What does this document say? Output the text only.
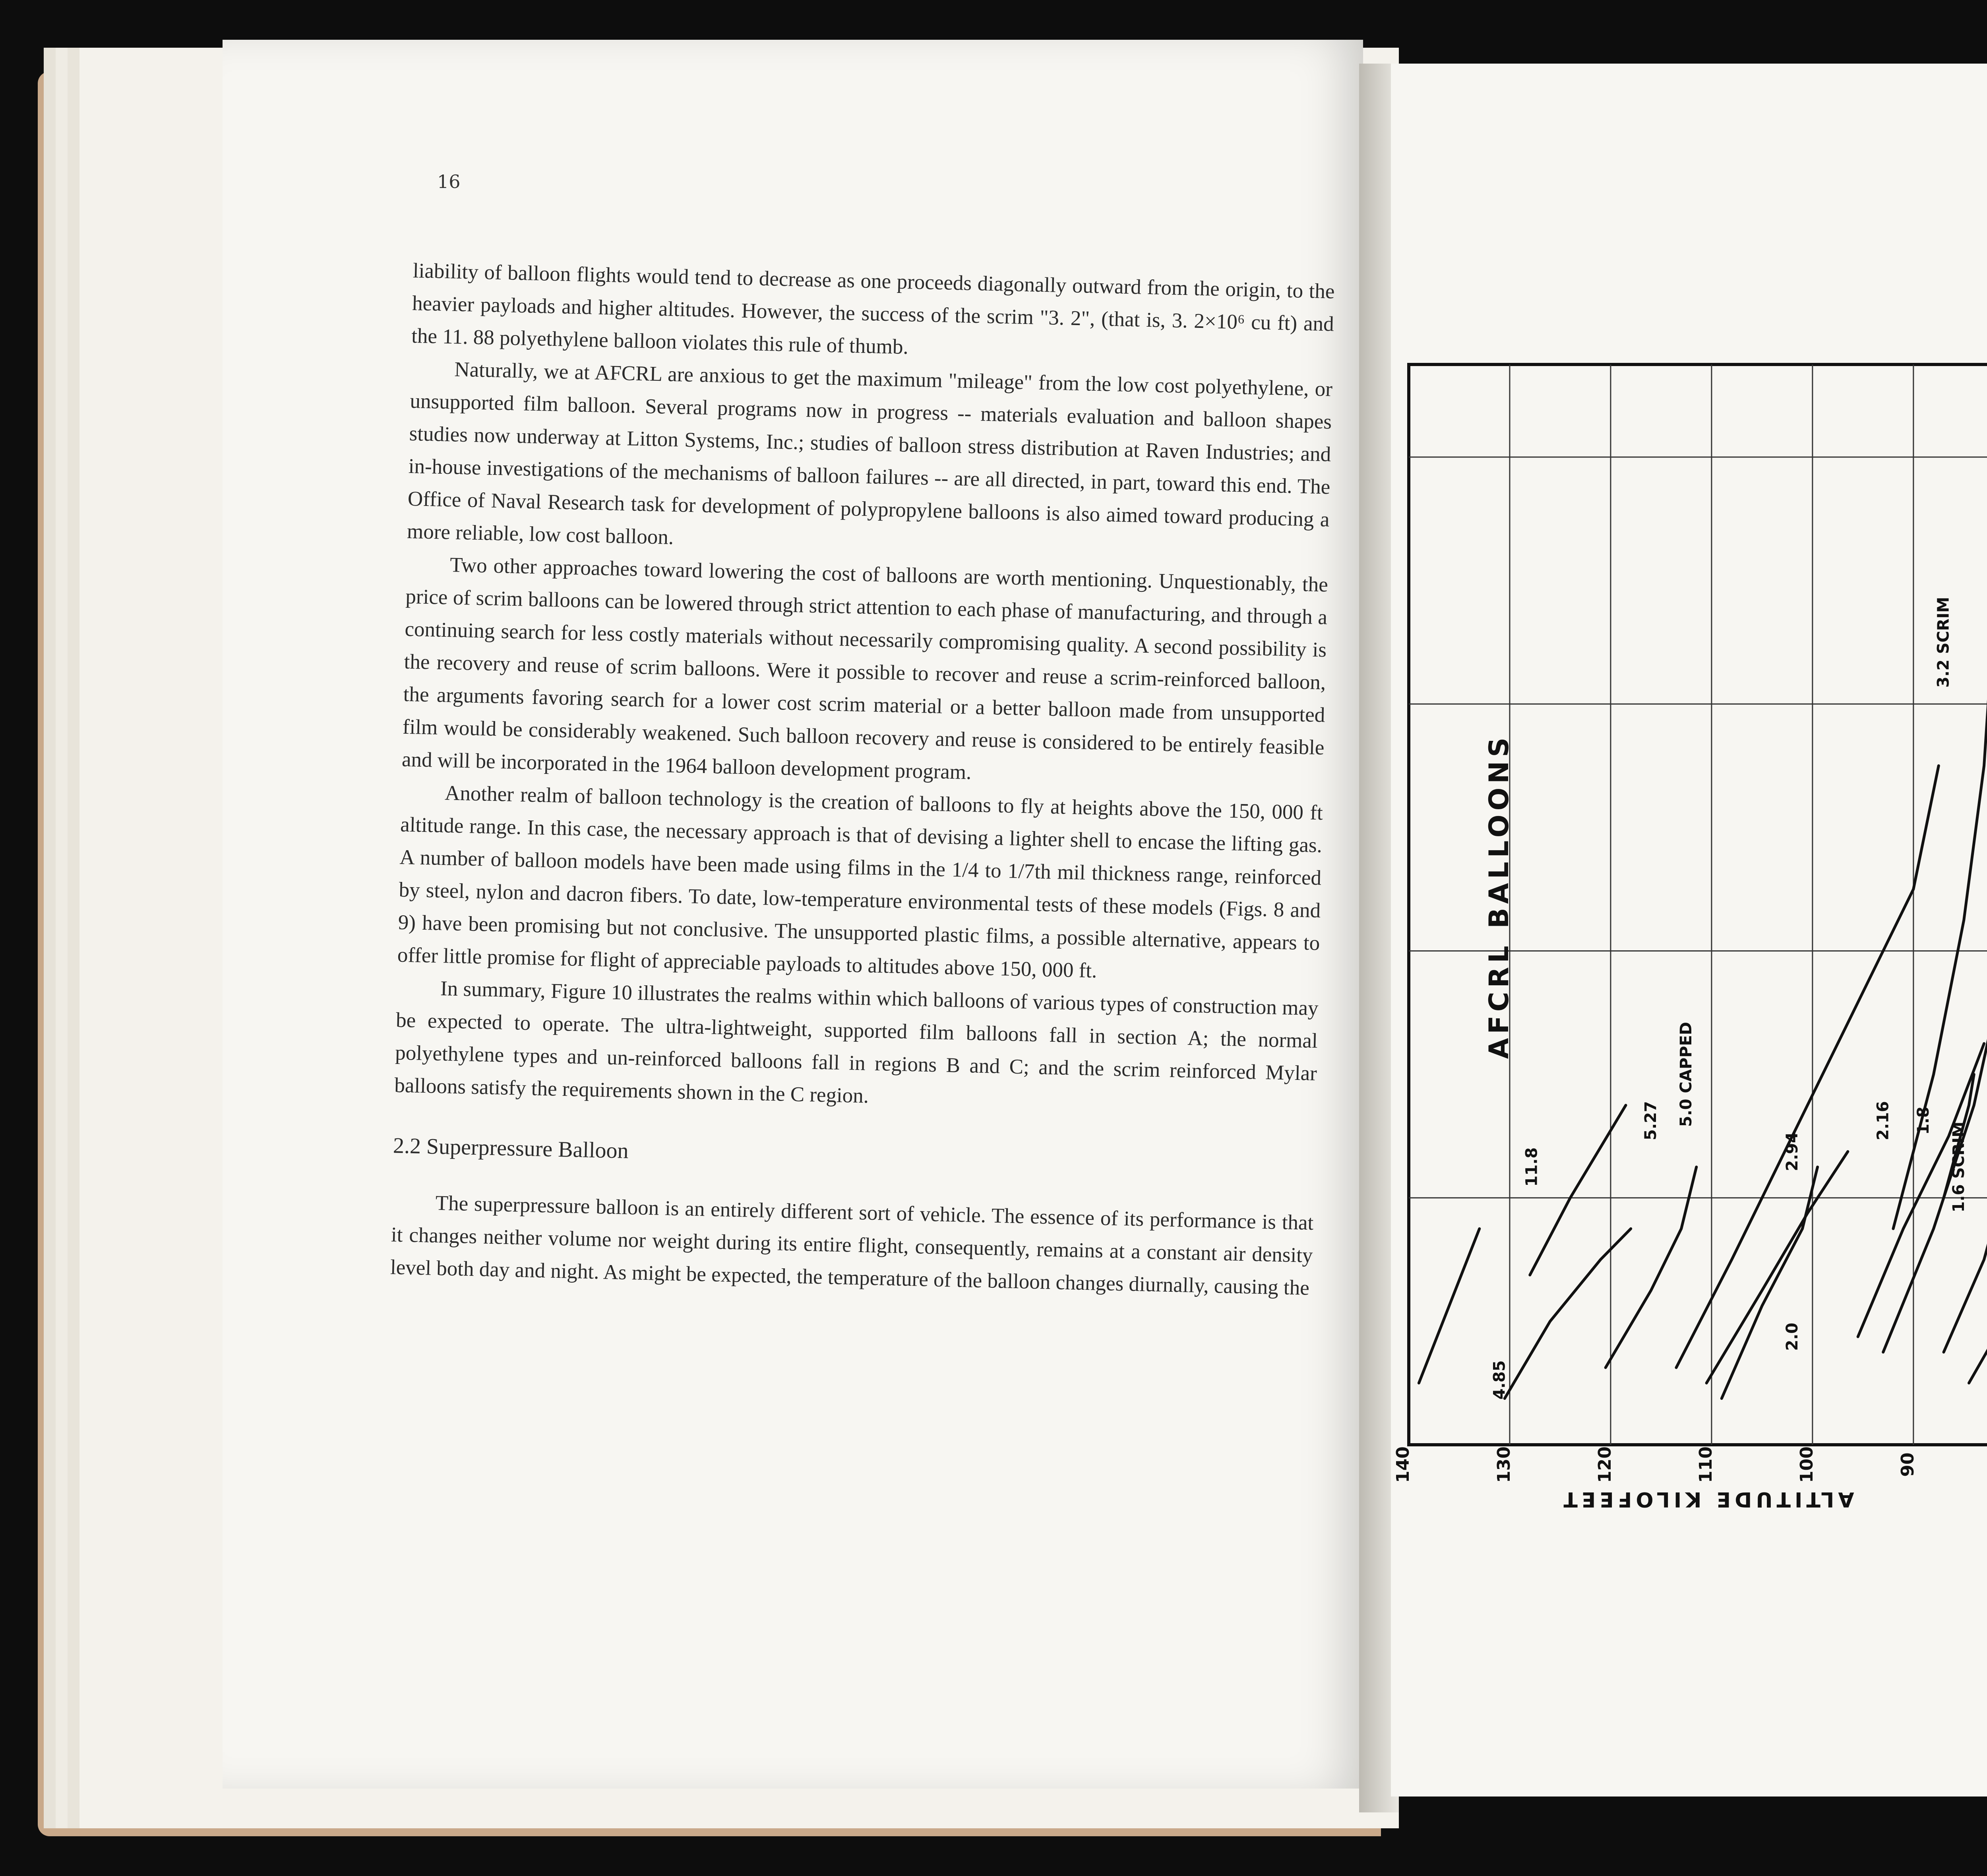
16

liability of balloon flights would tend to decrease as one proceeds diagonally outward from the origin, to the heavier payloads and higher altitudes. However, the success of the scrim "3. 2", (that is, 3. 2×10⁶ cu ft) and the 11. 88 polyethylene balloon violates this rule of thumb.

Naturally, we at AFCRL are anxious to get the maximum "mileage" from the low cost polyethylene, or unsupported film balloon. Several programs now in progress -- materials evaluation and balloon shapes studies now underway at Litton Systems, Inc.; studies of balloon stress distribution at Raven Industries; and in-house investigations of the mechanisms of balloon failures -- are all directed, in part, toward this end. The Office of Naval Research task for development of polypropylene balloons is also aimed toward producing a more reliable, low cost balloon.

Two other approaches toward lowering the cost of balloons are worth mentioning. Unquestionably, the price of scrim balloons can be lowered through strict attention to each phase of manufacturing, and through a continuing search for less costly materials without necessarily compromising quality. A second possibility is the recovery and reuse of scrim balloons. Were it possible to recover and reuse a scrim-reinforced balloon, the arguments favoring search for a lower cost scrim material or a better balloon made from unsupported film would be considerably weakened. Such balloon recovery and reuse is considered to be entirely feasible and will be incorporated in the 1964 balloon development program.

Another realm of balloon technology is the creation of balloons to fly at heights above the 150, 000 ft altitude range. In this case, the necessary approach is that of devising a lighter shell to encase the lifting gas. A number of balloon models have been made using films in the 1/4 to 1/7th mil thickness range, reinforced by steel, nylon and dacron fibers. To date, low-temperature environmental tests of these models (Figs. 8 and 9) have been promising but not conclusive. The unsupported plastic films, a possible alternative, appears to offer little promise for flight of appreciable payloads to altitudes above 150, 000 ft.

In summary, Figure 10 illustrates the realms within which balloons of various types of construction may be expected to operate. The ultra-lightweight, supported film balloons fall in section A; the normal polyethylene types and un-reinforced balloons fall in regions B and C; and the scrim reinforced Mylar balloons satisfy the requirements shown in the C region.

2.2 Superpressure Balloon

The superpressure balloon is an entirely different sort of vehicle. The essence of its performance is that it changes neither volume nor weight during its entire flight, consequently, remains at a constant air density level both day and night. As might be expected, the temperature of the balloon changes diurnally, causing the

90
100
110
120
130
140
ALTITUDE KILOFEET
AFCRL BALLOONS
4.85
11.8
5.27
2.0
5.0 CAPPED
2.94
2.16 1.8
1.6 SCRIM
3.2 SCRIM
